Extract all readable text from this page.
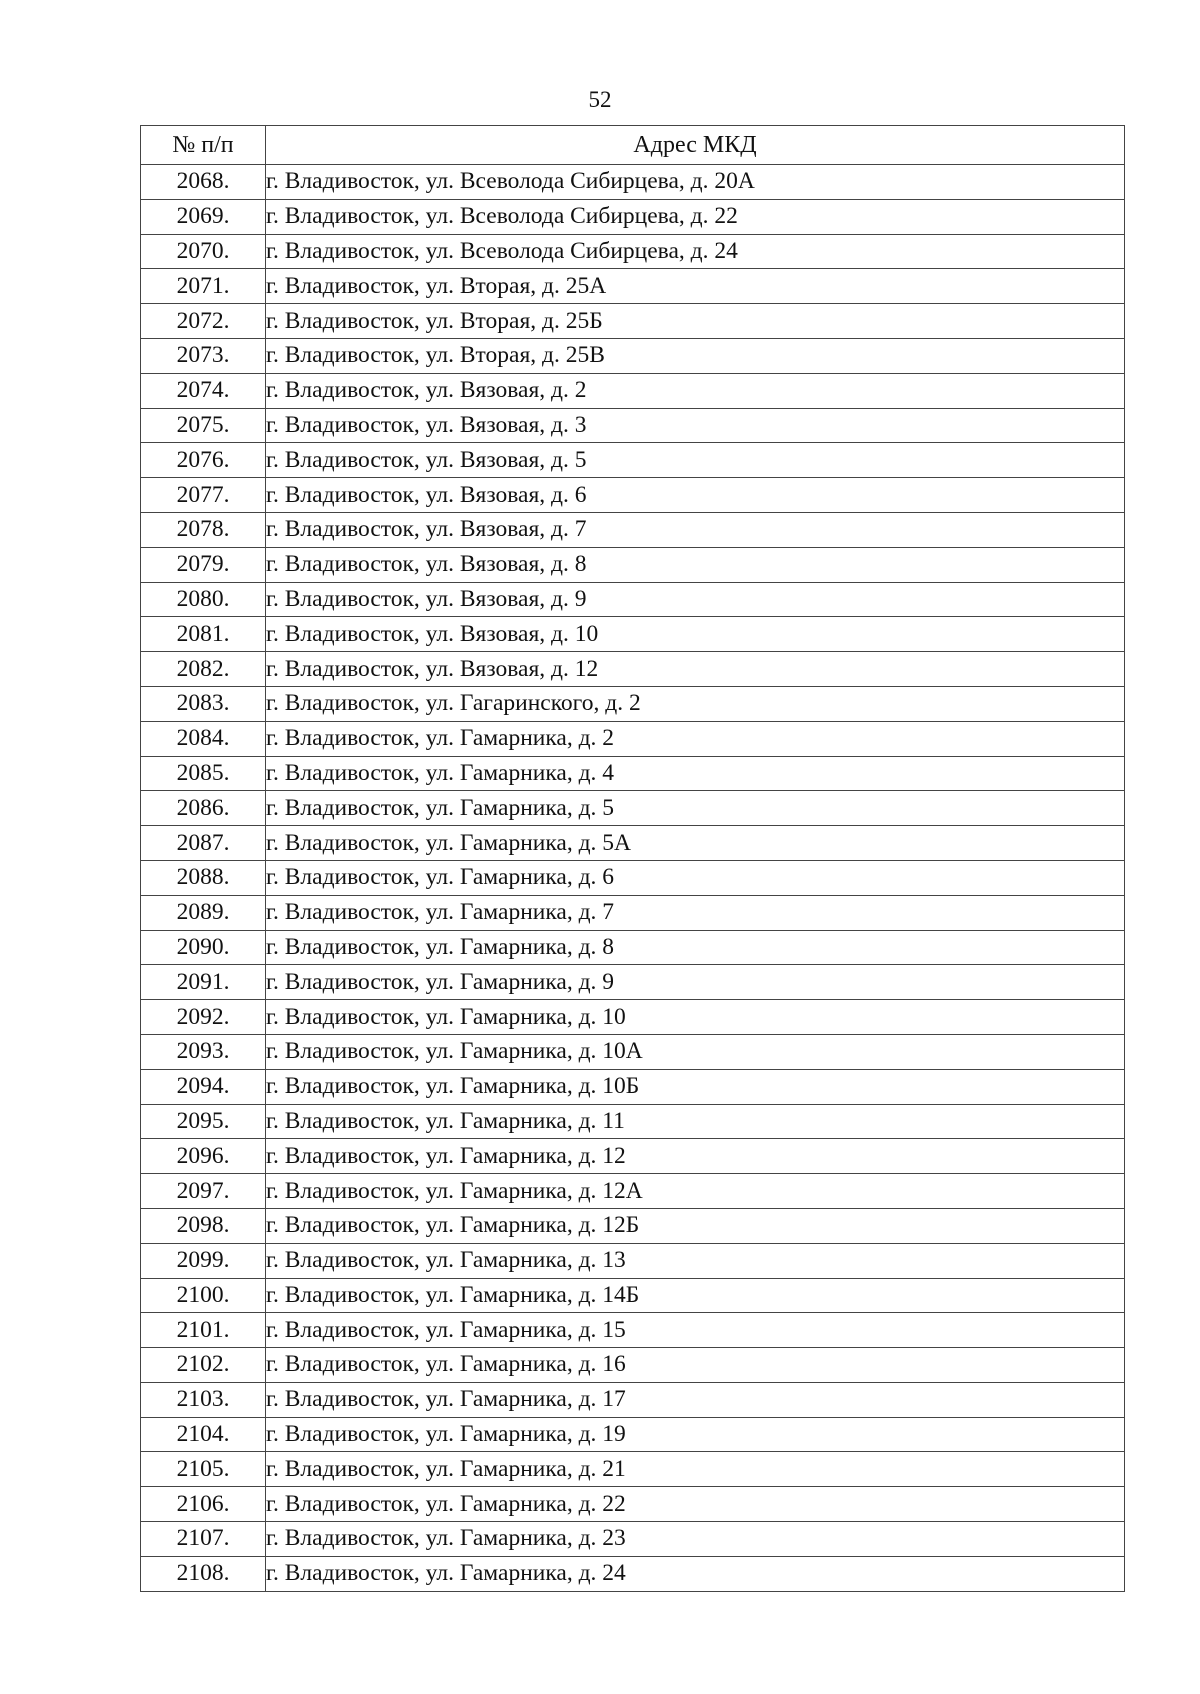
52
№ п/п	Адрес МКД
2068.	г. Владивосток, ул. Всеволода Сибирцева, д. 20А
2069.	г. Владивосток, ул. Всеволода Сибирцева, д. 22
2070.	г. Владивосток, ул. Всеволода Сибирцева, д. 24
2071.	г. Владивосток, ул. Вторая, д. 25А
2072.	г. Владивосток, ул. Вторая, д. 25Б
2073.	г. Владивосток, ул. Вторая, д. 25В
2074.	г. Владивосток, ул. Вязовая, д. 2
2075.	г. Владивосток, ул. Вязовая, д. 3
2076.	г. Владивосток, ул. Вязовая, д. 5
2077.	г. Владивосток, ул. Вязовая, д. 6
2078.	г. Владивосток, ул. Вязовая, д. 7
2079.	г. Владивосток, ул. Вязовая, д. 8
2080.	г. Владивосток, ул. Вязовая, д. 9
2081.	г. Владивосток, ул. Вязовая, д. 10
2082.	г. Владивосток, ул. Вязовая, д. 12
2083.	г. Владивосток, ул. Гагаринского, д. 2
2084.	г. Владивосток, ул. Гамарника, д. 2
2085.	г. Владивосток, ул. Гамарника, д. 4
2086.	г. Владивосток, ул. Гамарника, д. 5
2087.	г. Владивосток, ул. Гамарника, д. 5А
2088.	г. Владивосток, ул. Гамарника, д. 6
2089.	г. Владивосток, ул. Гамарника, д. 7
2090.	г. Владивосток, ул. Гамарника, д. 8
2091.	г. Владивосток, ул. Гамарника, д. 9
2092.	г. Владивосток, ул. Гамарника, д. 10
2093.	г. Владивосток, ул. Гамарника, д. 10А
2094.	г. Владивосток, ул. Гамарника, д. 10Б
2095.	г. Владивосток, ул. Гамарника, д. 11
2096.	г. Владивосток, ул. Гамарника, д. 12
2097.	г. Владивосток, ул. Гамарника, д. 12А
2098.	г. Владивосток, ул. Гамарника, д. 12Б
2099.	г. Владивосток, ул. Гамарника, д. 13
2100.	г. Владивосток, ул. Гамарника, д. 14Б
2101.	г. Владивосток, ул. Гамарника, д. 15
2102.	г. Владивосток, ул. Гамарника, д. 16
2103.	г. Владивосток, ул. Гамарника, д. 17
2104.	г. Владивосток, ул. Гамарника, д. 19
2105.	г. Владивосток, ул. Гамарника, д. 21
2106.	г. Владивосток, ул. Гамарника, д. 22
2107.	г. Владивосток, ул. Гамарника, д. 23
2108.	г. Владивосток, ул. Гамарника, д. 24
